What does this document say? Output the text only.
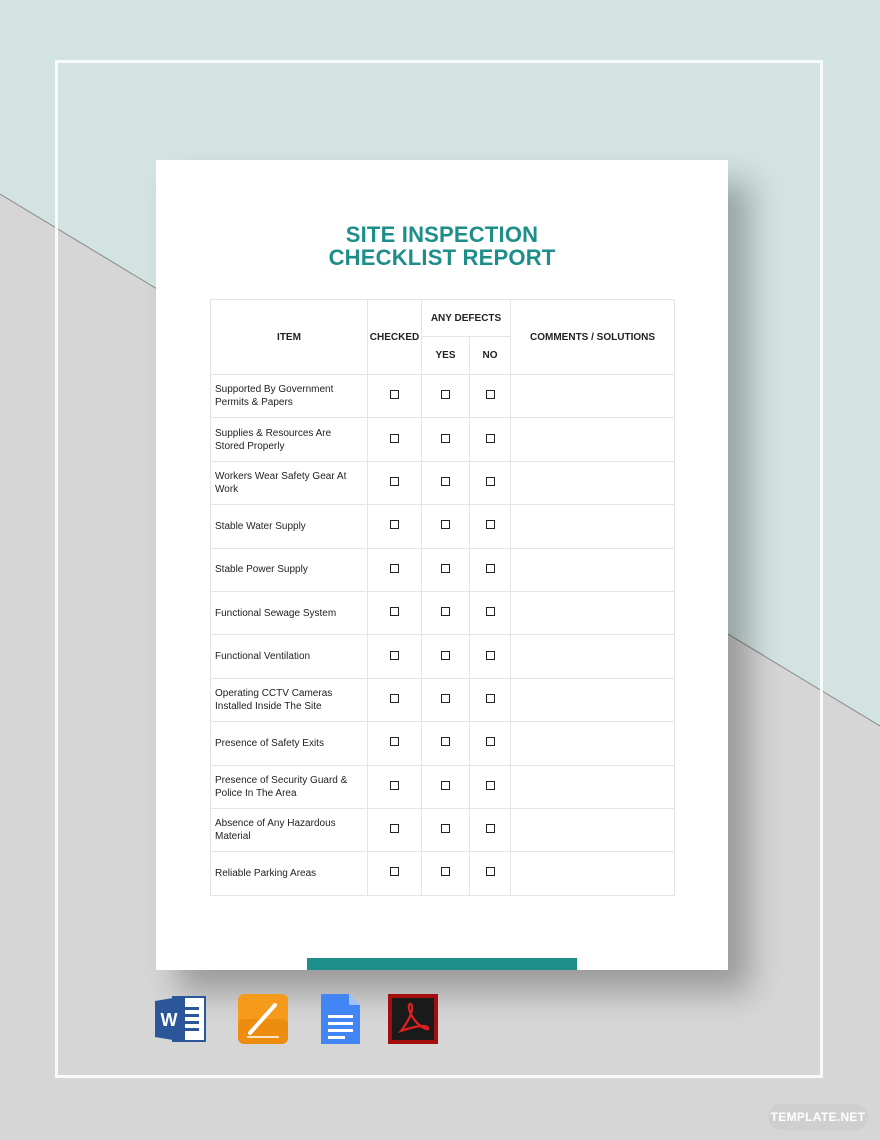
SITE INSPECTION
CHECKLIST REPORT
ITEM	CHECKED	ANY DEFECTS		COMMENTS / SOLUTIONS
		YES	NO	
Supported By Government Permits & Papers				
Supplies & Resources Are Stored Properly				
Workers Wear Safety Gear At Work				
Stable Water Supply				
Stable Power Supply				
Functional Sewage System				
Functional Ventilation				
Operating CCTV Cameras Installed Inside The Site				
Presence of Safety Exits				
Presence of Security Guard & Police In The Area				
Absence of Any Hazardous Material				
Reliable Parking Areas				
W
TEMPLATE.NET
